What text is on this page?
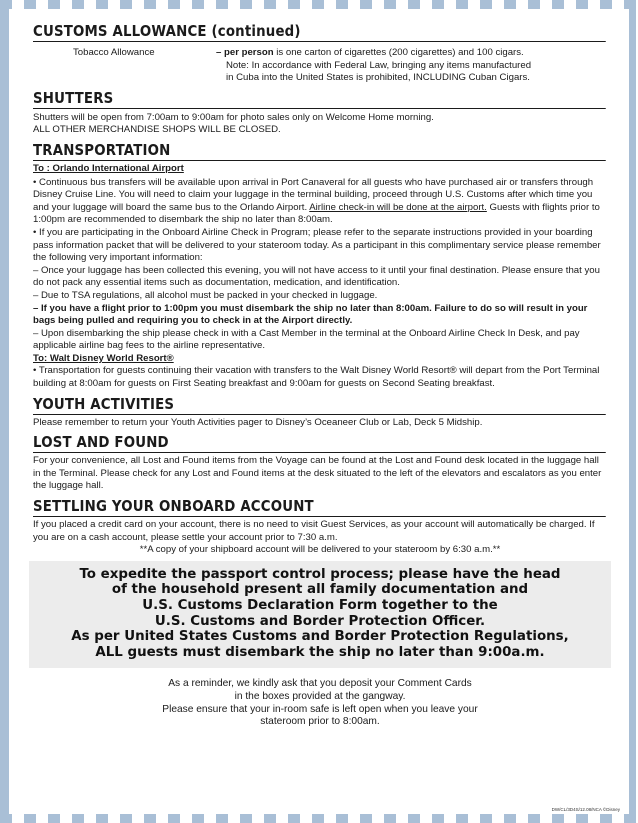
CUSTOMS ALLOWANCE (continued)
Tobacco Allowance	– per person is one carton of cigarettes (200 cigarettes) and 100 cigars.
Note: In accordance with Federal Law, bringing any items manufactured
in Cuba into the United States is prohibited, INCLUDING Cuban Cigars.
SHUTTERS

Shutters will be open from 7:00am to 9:00am for photo sales only on Welcome Home morning.

ALL OTHER MERCHANDISE SHOPS WILL BE CLOSED.

TRANSPORTATION

To : Orlando International Airport

• Continuous bus transfers will be available upon arrival in Port Canaveral for all guests who have purchased air or transfers through Disney Cruise Line. You will need to claim your luggage in the terminal building, proceed through U.S. Customs after which time you and your luggage will board the same bus to the Orlando Airport. Airline check-in will be done at the airport. Guests with flights prior to 1:00pm are recommended to disembark the ship no later than 8:00am.

• If you are participating in the Onboard Airline Check in Program; please refer to the separate instructions provided in your boarding pass information packet that will be delivered to your stateroom today. As a participant in this complimentary service please remember the following very important information:

– Once your luggage has been collected this evening, you will not have access to it until your final destination. Please ensure that you do not pack any essential items such as documentation, medication, and identification.

– Due to TSA regulations, all alcohol must be packed in your checked in luggage.

– If you have a flight prior to 1:00pm you must disembark the ship no later than 8:00am. Failure to do so will result in your bags being pulled and requiring you to check in at the Airport directly.

– Upon disembarking the ship please check in with a Cast Member in the terminal at the Onboard Airline Check In Desk, and pay applicable airline bag fees to the airline representative.

To: Walt Disney World Resort®

• Transportation for guests continuing their vacation with transfers to the Walt Disney World Resort® will depart from the Port Terminal building at 8:00am for guests on First Seating breakfast and 9:00am for guests on Second Seating breakfast.

YOUTH ACTIVITIES

Please remember to return your Youth Activities pager to Disney’s Oceaneer Club or Lab, Deck 5 Midship.

LOST AND FOUND

For your convenience, all Lost and Found items from the Voyage can be found at the Lost and Found desk located in the luggage hall in the Terminal. Please check for any Lost and Found items at the desk situated to the left of the elevators and escalators as you enter the luggage hall.

SETTLING YOUR ONBOARD ACCOUNT

If you placed a credit card on your account, there is no need to visit Guest Services, as your account will automatically be charged. If you are on a cash account, please settle your account prior to 7:30 a.m.

**A copy of your shipboard account will be delivered to your stateroom by 6:30 a.m.**

To expedite the passport control process; please have the head
of the household present all family documentation and
U.S. Customs Declaration Form together to the
U.S. Customs and Border Protection Officer.
As per United States Customs and Border Protection Regulations,
ALL guests must disembark the ship no later than 9:00a.m.
As a reminder, we kindly ask that you deposit your Comment Cards
in the boxes provided at the gangway.
Please ensure that your in-room safe is left open when you leave your
stateroom prior to 8:00am.
DW/CL/3D4S/12.08/NCA ©Disney
